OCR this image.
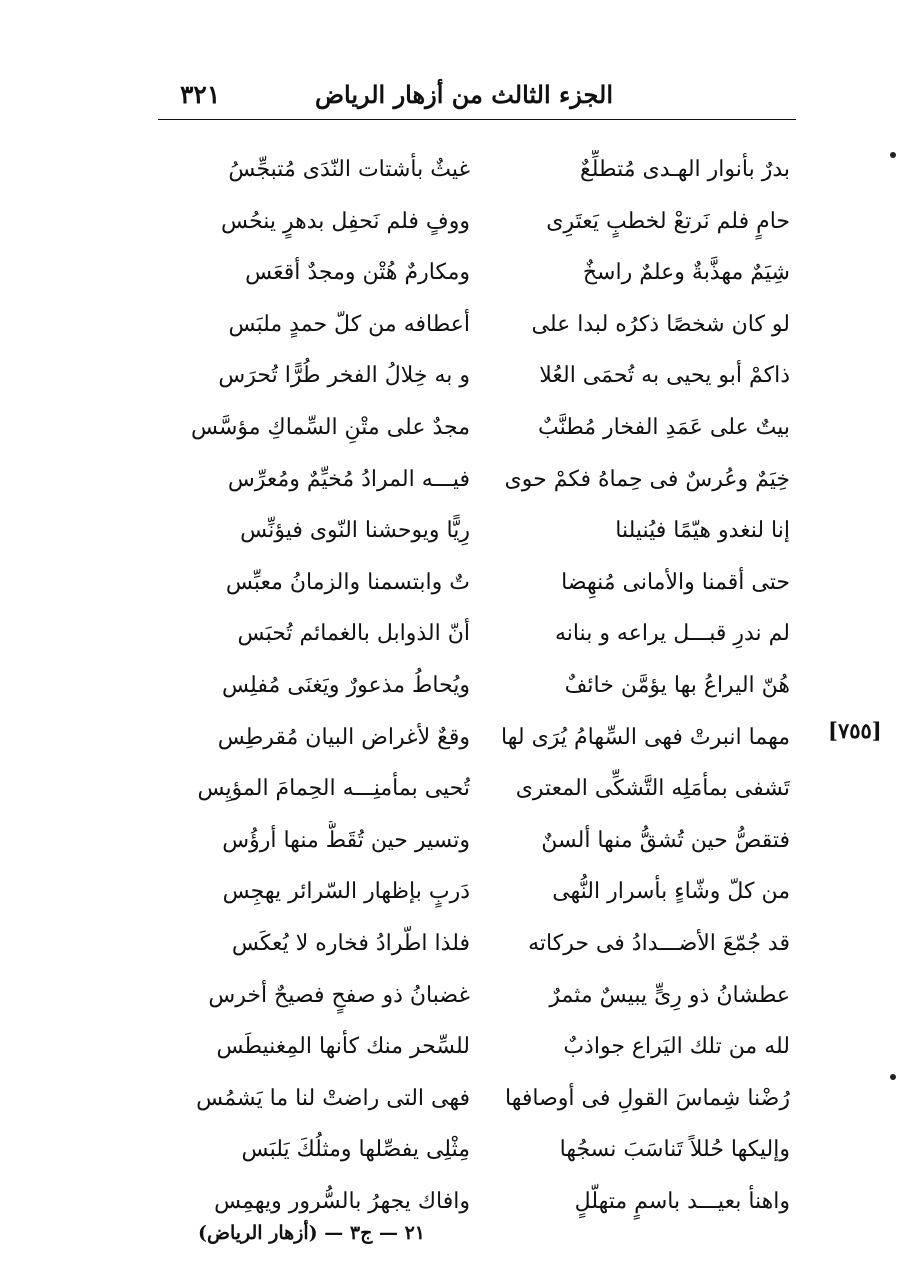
٣٢١	الجزء الثالث من أزهار الرياض
بدرٌ بأنوار الهـدى مُتطلِّعٌ
غيثٌ بأشتات النّدَى مُتبجِّسُ
حامٍ فلم نَرتعْ لخطبٍ يَعتَرِى
ووفٍ فلم نَحفِل بدهرٍ ينحُس
شِيَمٌ مهذَّبةٌ وعلمٌ راسخٌ
ومكارمٌ هُتْن ومجدٌ أقعَس
لو كان شخصًا ذكرُه لبدا على
أعطافه من كلّ حمدٍ ملبَس
ذاكمْ أبو يحيى به تُحمَى العُلا
و به خِلالُ الفخر طُرًّا تُحرَس
بيتٌ على عَمَدِ الفخار مُطنَّبٌ
مجدٌ على متْنِ السِّماكِ مؤسَّس
خِيَمٌ وعُرسٌ فى حِماهُ فكمْ حوى
فيـــه المرادُ مُخيِّمٌ ومُعرِّس
إنا لنغدو هيّمًا فيُنيلنا
رِيًّا ويوحشنا النّوى فيؤنِّس
حتى أقمنا والأمانى مُنهِضا
تٌ وابتسمنا والزمانُ معبِّس
لم ندرِ قبـــل يراعه و بنانه
أنّ الذوابل بالغمائم تُحبَس
هُنّ اليراعُ بها يؤمَّن خائفٌ
ويُحاطُ مذعورٌ ويَغنَى مُفلِس
مهما انبرتْ فهى السِّهامُ يُرَى لها
وقعٌ لأغراض البيان مُقرطِس
تَشفى بمأمَلِه التَّشكِّى المعترى
تُحيى بمأمنِـــه الحِمامَ المؤيِس
فتقصُّ حين تُشقُّ منها ألسنٌ
وتسير حين تُقَطُّ منها أرؤُس
من كلّ وشّاءٍ بأسرار النُّهى
دَربٍ بإظهار السّرائر يهجِس
قد جُمّعَ الأضـــدادُ فى حركاته
فلذا اطّرادُ فخاره لا يُعكَس
عطشانُ ذو رِىٍّ يبيسٌ مثمرٌ
غضبانُ ذو صفحٍ فصيحٌ أخرس
لله من تلك اليَراع جواذبٌ
للسِّحر منك كأنها المِغنيطَس
رُضْنا شِماسَ القولِ فى أوصافها
فهى التى راضتْ لنا ما يَشمُس
وإليكها حُللاً تَناسَبَ نسجُها
مِثْلِى يفصِّلها ومثلُكَ يَلبَس
واهنأ بعيـــد باسمٍ متهلّلٍ
وافاك يجهرُ بالسُّرور ويهمِس
[٧٥٥]
٢١ — ج٣ — (أزهار الرياض)
